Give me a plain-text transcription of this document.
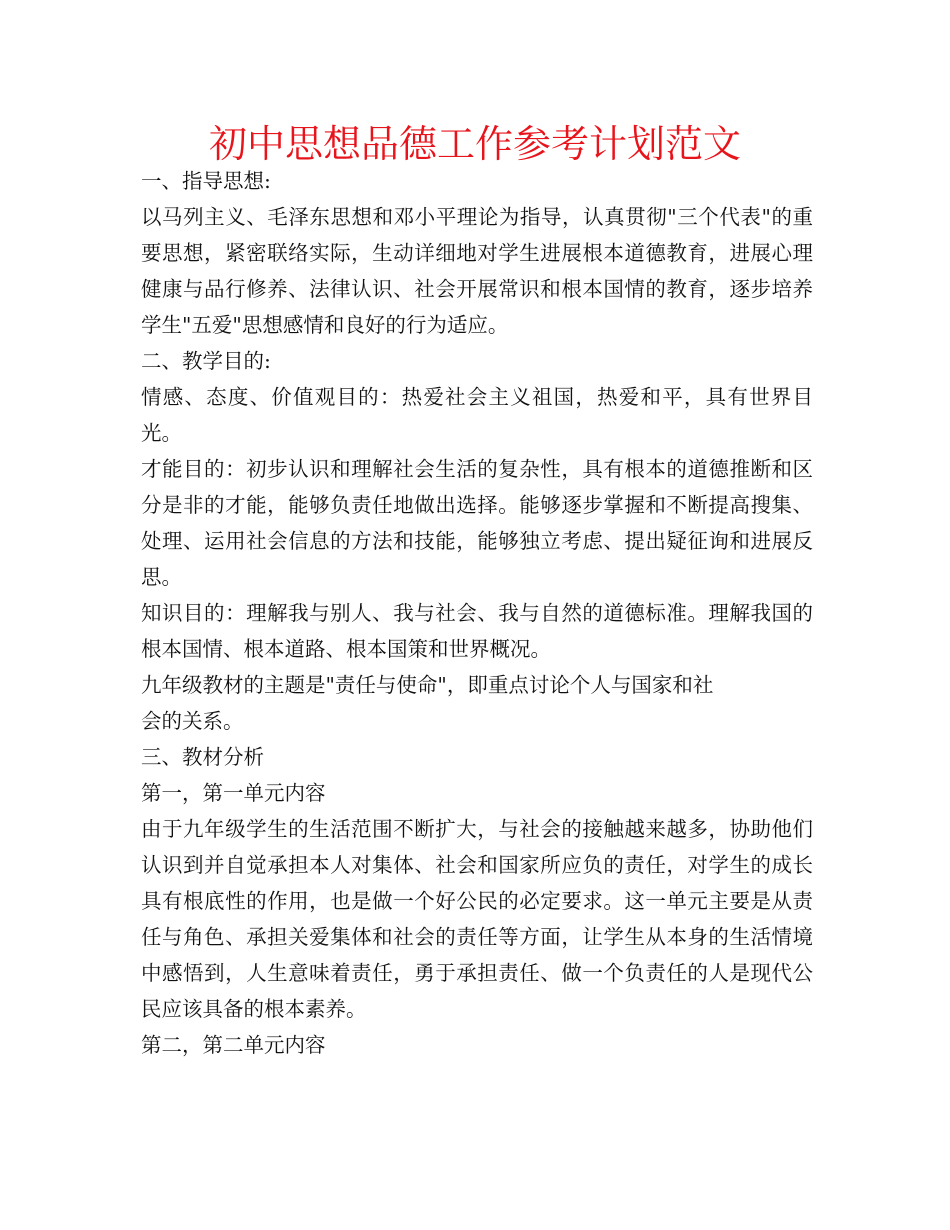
初中思想品德工作参考计划范文

一、指导思想:

以马列主义、毛泽东思想和邓小平理论为指导，认真贯彻"三个代表"的重要思想，紧密联络实际，生动详细地对学生进展根本道德教育，进展心理健康与品行修养、法律认识、社会开展常识和根本国情的教育，逐步培养学生"五爱"思想感情和良好的行为适应。

二、教学目的:

情感、态度、价值观目的：热爱社会主义祖国，热爱和平，具有世界目光。

才能目的：初步认识和理解社会生活的复杂性，具有根本的道德推断和区分是非的才能，能够负责任地做出选择。能够逐步掌握和不断提高搜集、处理、运用社会信息的方法和技能，能够独立考虑、提出疑征询和进展反思。

知识目的：理解我与别人、我与社会、我与自然的道德标准。理解我国的根本国情、根本道路、根本国策和世界概况。

九年级教材的主题是"责任与使命"，即重点讨论个人与国家和社

会的关系。

三、教材分析

第一，第一单元内容

由于九年级学生的生活范围不断扩大，与社会的接触越来越多，协助他们认识到并自觉承担本人对集体、社会和国家所应负的责任，对学生的成长具有根底性的作用，也是做一个好公民的必定要求。这一单元主要是从责任与角色、承担关爱集体和社会的责任等方面，让学生从本身的生活情境中感悟到，人生意味着责任，勇于承担责任、做一个负责任的人是现代公民应该具备的根本素养。

第二，第二单元内容
